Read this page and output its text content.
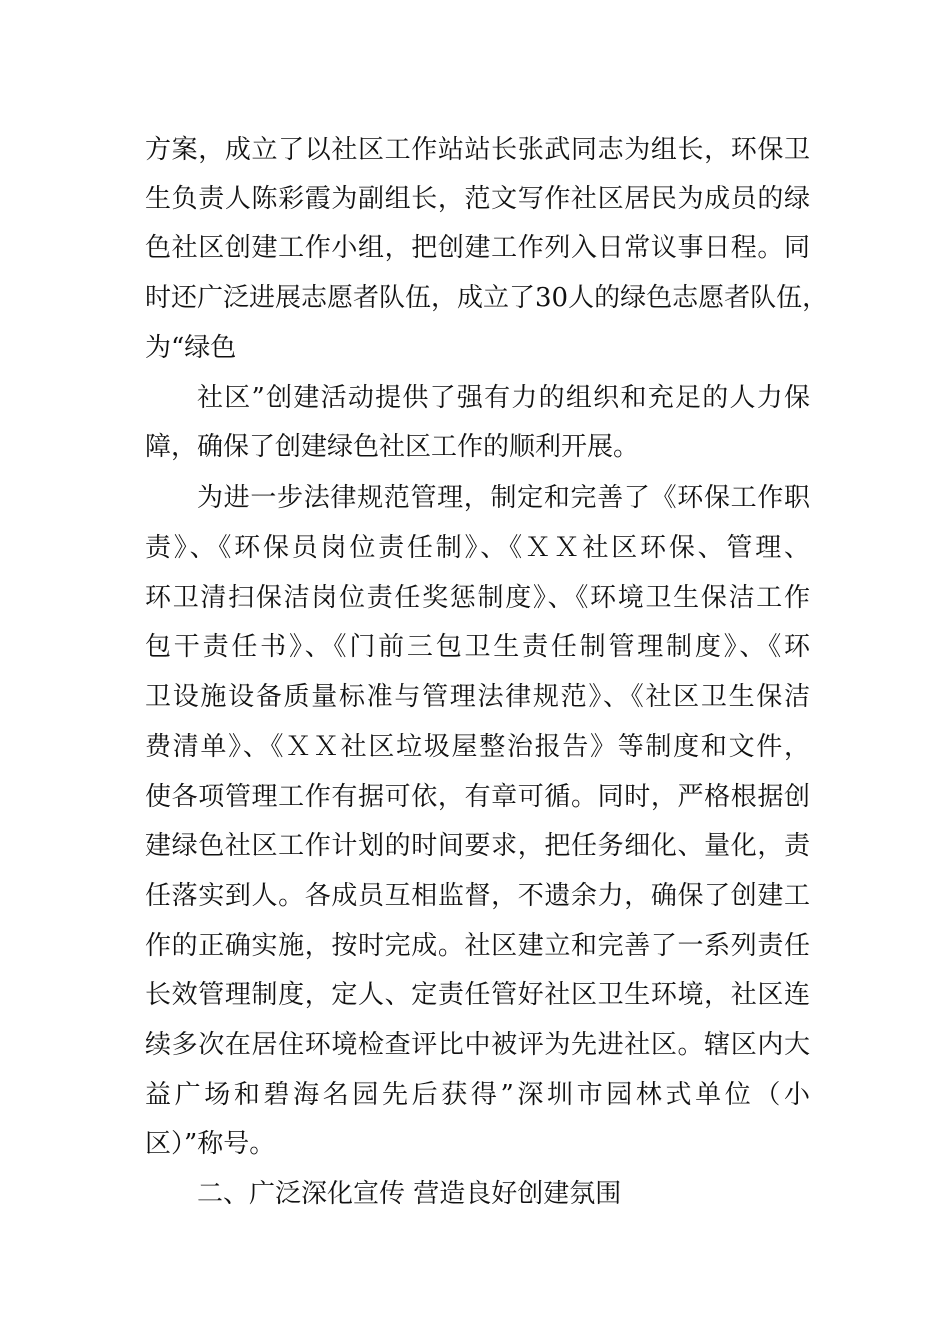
方案，成立了以社区工作站站长张武同志为组长，环保卫
生负责人陈彩霞为副组长，范文写作社区居民为成员的绿
色社区创建工作小组，把创建工作列入日常议事日程。同
时还广泛进展志愿者队伍，成立了30人的绿色志愿者队伍，
为“绿色
社区”创建活动提供了强有力的组织和充足的人力保
障，确保了创建绿色社区工作的顺利开展。
为进一步法律规范管理，制定和完善了《环保工作职
责》、《环保员岗位责任制》、《ＸＸ社区环保、管理、
环卫清扫保洁岗位责任奖惩制度》、《环境卫生保洁工作
包干责任书》、《门前三包卫生责任制管理制度》、《环
卫设施设备质量标准与管理法律规范》、《社区卫生保洁
费清单》、《ＸＸ社区垃圾屋整治报告》等制度和文件，
使各项管理工作有据可依，有章可循。同时，严格根据创
建绿色社区工作计划的时间要求，把任务细化、量化，责
任落实到人。各成员互相监督，不遗余力，确保了创建工
作的正确实施，按时完成。社区建立和完善了一系列责任
长效管理制度，定人、定责任管好社区卫生环境，社区连
续多次在居住环境检查评比中被评为先进社区。辖区内大
益广场和碧海名园先后获得”深圳市园林式单位（小
区）”称号。
二、广泛深化宣传 营造良好创建氛围
